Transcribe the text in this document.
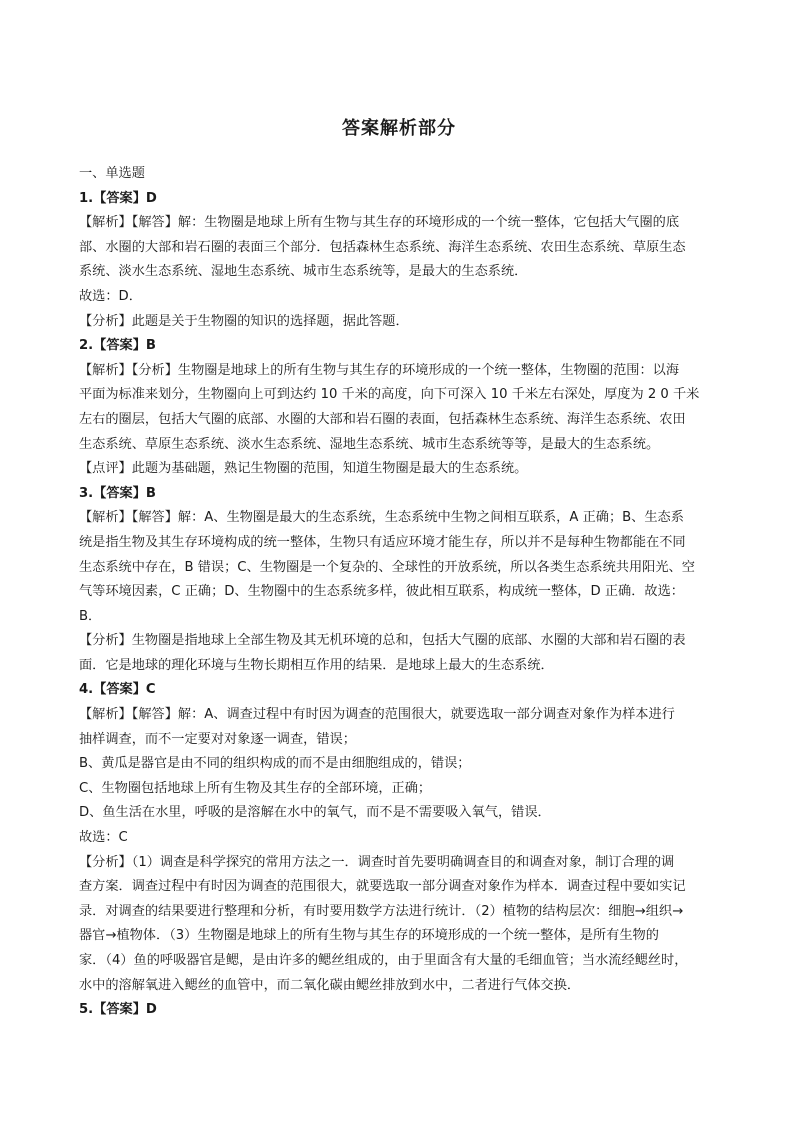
答案解析部分
一、单选题
1.【答案】D
【解析】【解答】解：生物圈是地球上所有生物与其生存的环境形成的一个统一整体，它包括大气圈的底
部、水圈的大部和岩石圈的表面三个部分．包括森林生态系统、海洋生态系统、农田生态系统、草原生态
系统、淡水生态系统、湿地生态系统、城市生态系统等，是最大的生态系统．
故选：D．
【分析】此题是关于生物圈的知识的选择题，据此答题．
2.【答案】B
【解析】【分析】生物圈是地球上的所有生物与其生存的环境形成的一个统一整体，生物圈的范围：以海
平面为标准来划分，生物圈向上可到达约 10 千米的高度，向下可深入 10 千米左右深处，厚度为 2 0 千米
左右的圈层，包括大气圈的底部、水圈的大部和岩石圈的表面，包括森林生态系统、海洋生态系统、农田
生态系统、草原生态系统、淡水生态系统、湿地生态系统、城市生态系统等等，是最大的生态系统。
【点评】此题为基础题，熟记生物圈的范围，知道生物圈是最大的生态系统。
3.【答案】B
【解析】【解答】解：A、生物圈是最大的生态系统，生态系统中生物之间相互联系，A 正确；B、生态系
统是指生物及其生存环境构成的统一整体，生物只有适应环境才能生存，所以并不是每种生物都能在不同
生态系统中存在，B 错误；C、生物圈是一个复杂的、全球性的开放系统，所以各类生态系统共用阳光、空
气等环境因素，C 正确；D、生物圈中的生态系统多样，彼此相互联系，构成统一整体，D 正确．故选：
B．
【分析】生物圈是指地球上全部生物及其无机环境的总和，包括大气圈的底部、水圈的大部和岩石圈的表
面．它是地球的理化环境与生物长期相互作用的结果．是地球上最大的生态系统．
4.【答案】C
【解析】【解答】解：A、调查过程中有时因为调查的范围很大，就要选取一部分调查对象作为样本进行
抽样调查，而不一定要对对象逐一调查，错误；
B、黄瓜是器官是由不同的组织构成的而不是由细胞组成的，错误；
C、生物圈包括地球上所有生物及其生存的全部环境，正确；
D、鱼生活在水里，呼吸的是溶解在水中的氧气，而不是不需要吸入氧气，错误．
故选：C
【分析】（1）调查是科学探究的常用方法之一．调查时首先要明确调查目的和调查对象，制订合理的调
查方案．调查过程中有时因为调查的范围很大，就要选取一部分调查对象作为样本．调查过程中要如实记
录．对调查的结果要进行整理和分析，有时要用数学方法进行统计．（2）植物的结构层次：细胞→组织→
器官→植物体．（3）生物圈是地球上的所有生物与其生存的环境形成的一个统一整体，是所有生物的
家．（4）鱼的呼吸器官是鳃，是由许多的鳃丝组成的，由于里面含有大量的毛细血管；当水流经鳃丝时，
水中的溶解氧进入鳃丝的血管中，而二氧化碳由鳃丝排放到水中，二者进行气体交换．
5.【答案】D
